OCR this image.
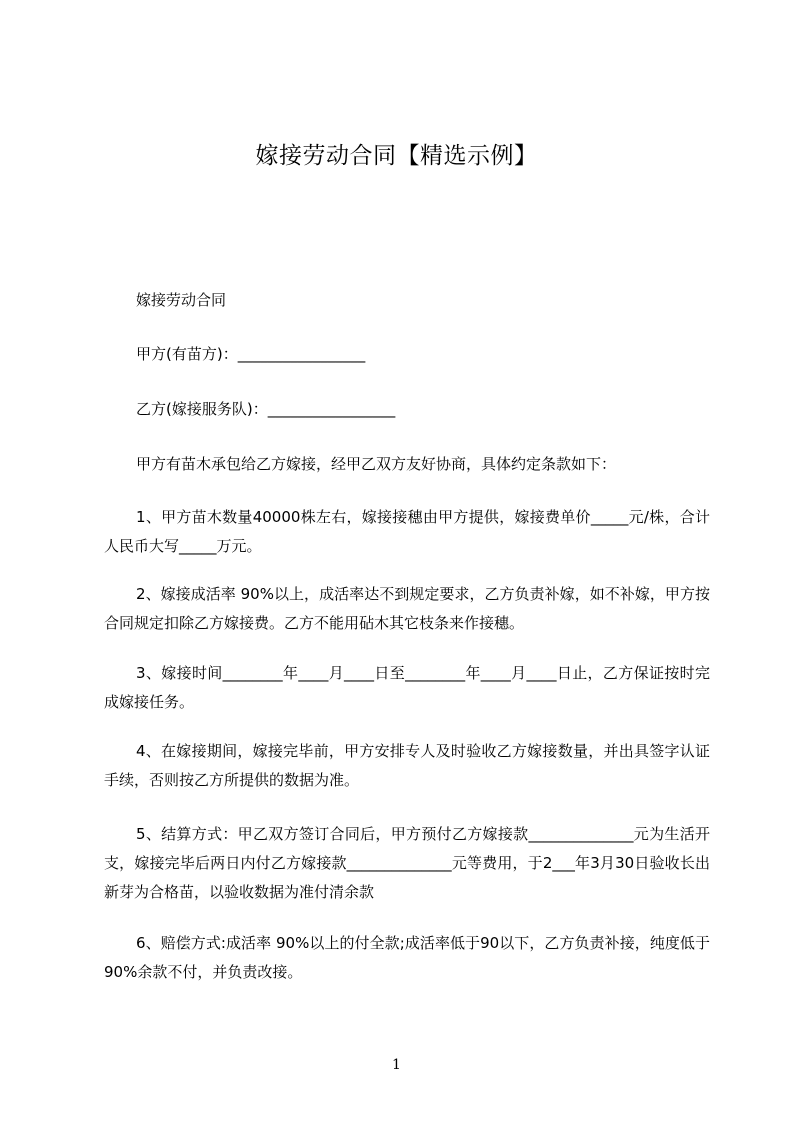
嫁接劳动合同【精选示例】

嫁接劳动合同

甲方(有苗方)：_________________

乙方(嫁接服务队)：_________________

甲方有苗木承包给乙方嫁接，经甲乙双方友好协商，具体约定条款如下：

1、甲方苗木数量40000株左右，嫁接接穗由甲方提供，嫁接费单价_____元/株，合计人民币大写_____万元。

2、嫁接成活率 90%以上，成活率达不到规定要求，乙方负责补嫁，如不补嫁，甲方按合同规定扣除乙方嫁接费。乙方不能用砧木其它枝条来作接穗。

3、嫁接时间________年____月____日至________年____月____日止，乙方保证按时完成嫁接任务。

4、在嫁接期间，嫁接完毕前，甲方安排专人及时验收乙方嫁接数量，并出具签字认证手续，否则按乙方所提供的数据为准。

5、结算方式：甲乙双方签订合同后，甲方预付乙方嫁接款______________元为生活开支，嫁接完毕后两日内付乙方嫁接款______________元等费用，于2___年3月30日验收长出新芽为合格苗，以验收数据为准付清余款

6、赔偿方式:成活率 90%以上的付全款;成活率低于90以下，乙方负责补接，纯度低于90%余款不付，并负责改接。

1
